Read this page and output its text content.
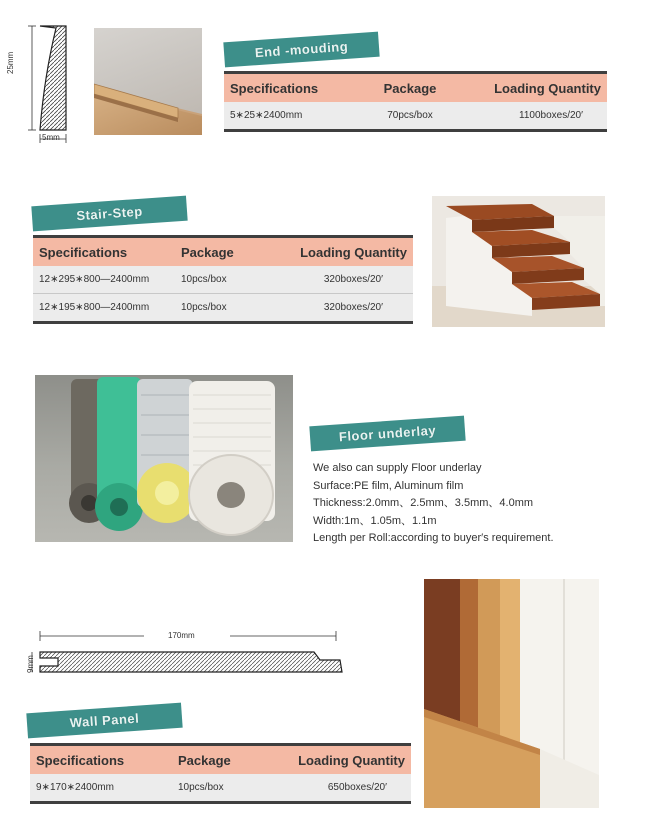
25mm
5mm
End -mouding
Specifications	Package	Loading Quantity
5∗25∗2400mm	70pcs/box	1100boxes/20′
Stair-Step
Specifications	Package	Loading Quantity
12∗295∗800—2400mm	10pcs/box	320boxes/20′
12∗195∗800—2400mm	10pcs/box	320boxes/20′
Floor underlay
We also can supply Floor underlay
Surface:PE film, Aluminum film
Thickness:2.0mm、2.5mm、3.5mm、4.0mm
Width:1m、1.05m、1.1m
Length per Roll:according to buyer′s requirement.
170mm
9mm
Wall Panel
Specifications	Package	Loading Quantity
9∗170∗2400mm	10pcs/box	650boxes/20′
